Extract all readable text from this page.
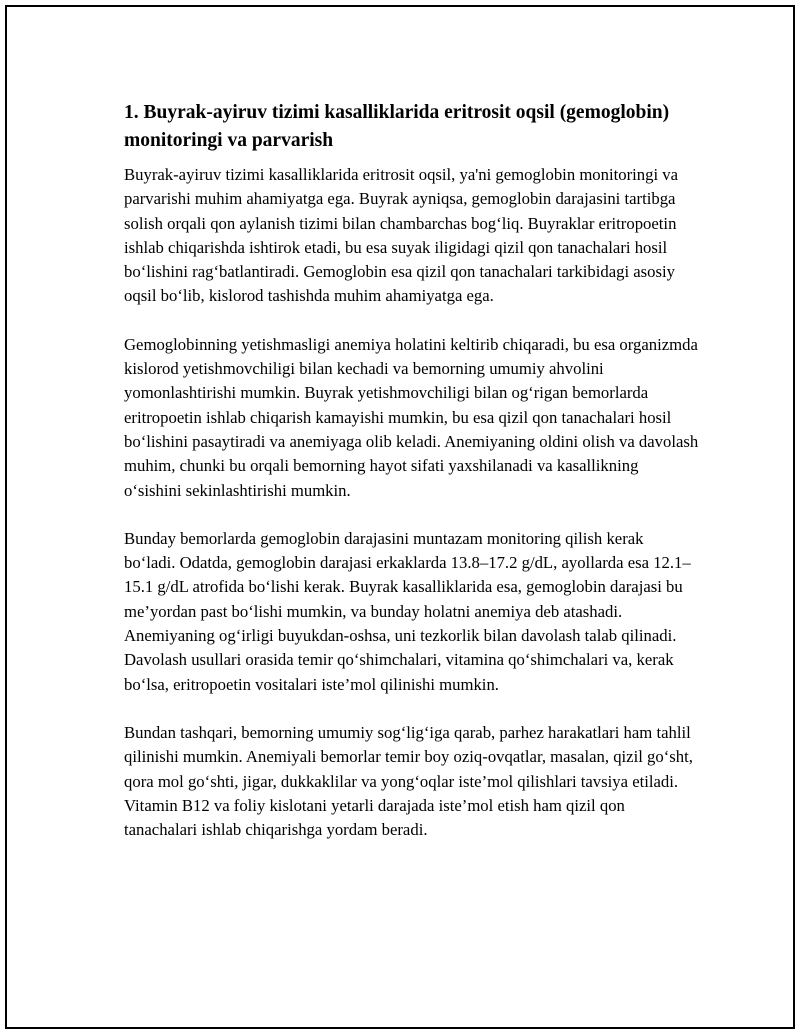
1. Buyrak-ayiruv tizimi kasalliklarida eritrosit oqsil (gemoglobin) monitoringi va parvarish

Buyrak-ayiruv tizimi kasalliklarida eritrosit oqsil, ya'ni gemoglobin monitoringi va parvarishi muhim ahamiyatga ega. Buyrak ayniqsa, gemoglobin darajasini tartibga solish orqali qon aylanish tizimi bilan chambarchas bog‘liq. Buyraklar eritropoetin ishlab chiqarishda ishtirok etadi, bu esa suyak iligidagi qizil qon tanachalari hosil bo‘lishini rag‘batlantiradi. Gemoglobin esa qizil qon tanachalari tarkibidagi asosiy oqsil bo‘lib, kislorod tashishda muhim ahamiyatga ega.

Gemoglobinning yetishmasligi anemiya holatini keltirib chiqaradi, bu esa organizmda kislorod yetishmovchiligi bilan kechadi va bemorning umumiy ahvolini yomonlashtirishi mumkin. Buyrak yetishmovchiligi bilan og‘rigan bemorlarda eritropoetin ishlab chiqarish kamayishi mumkin, bu esa qizil qon tanachalari hosil bo‘lishini pasaytiradi va anemiyaga olib keladi. Anemiyaning oldini olish va davolash muhim, chunki bu orqali bemorning hayot sifati yaxshilanadi va kasallikning o‘sishini sekinlashtirishi mumkin.

Bunday bemorlarda gemoglobin darajasini muntazam monitoring qilish kerak bo‘ladi. Odatda, gemoglobin darajasi erkaklarda 13.8–17.2 g/dL, ayollarda esa 12.1–15.1 g/dL atrofida bo‘lishi kerak. Buyrak kasalliklarida esa, gemoglobin darajasi bu me’yordan past bo‘lishi mumkin, va bunday holatni anemiya deb atashadi. Anemiyaning og‘irligi buyukdan-oshsa, uni tezkorlik bilan davolash talab qilinadi. Davolash usullari orasida temir qo‘shimchalari, vitamina qo‘shimchalari va, kerak bo‘lsa, eritropoetin vositalari iste’mol qilinishi mumkin.

Bundan tashqari, bemorning umumiy sog‘lig‘iga qarab, parhez harakatlari ham tahlil qilinishi mumkin. Anemiyali bemorlar temir boy oziq-ovqatlar, masalan, qizil go‘sht, qora mol go‘shti, jigar, dukkaklilar va yong‘oqlar iste’mol qilishlari tavsiya etiladi. Vitamin B12 va foliy kislotani yetarli darajada iste’mol etish ham qizil qon tanachalari ishlab chiqarishga yordam beradi.
